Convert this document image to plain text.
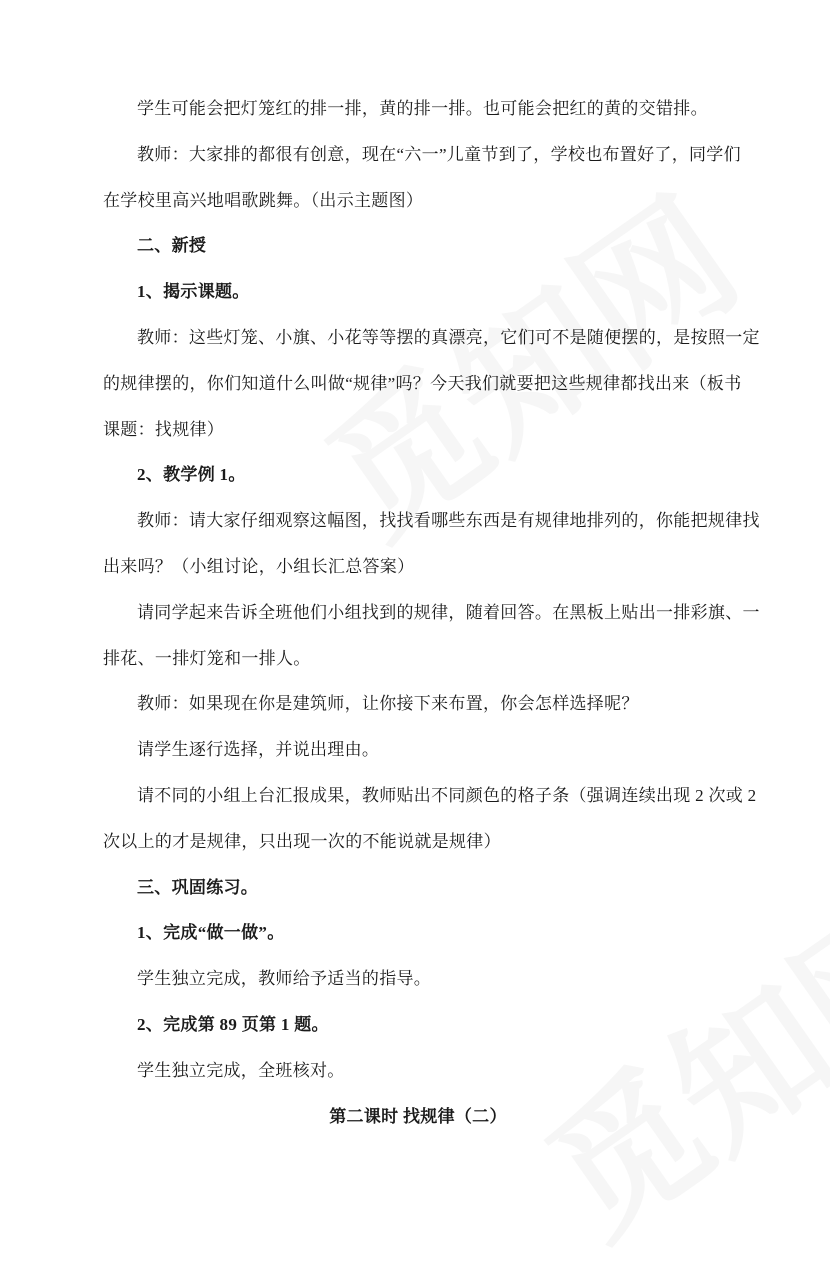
学生可能会把灯笼红的排一排，黄的排一排。也可能会把红的黄的交错排。
教师：大家排的都很有创意，现在“六一”儿童节到了，学校也布置好了，同学们
在学校里高兴地唱歌跳舞。（出示主题图）
二、新授
1、揭示课题。
教师：这些灯笼、小旗、小花等等摆的真漂亮，它们可不是随便摆的，是按照一定
的规律摆的，你们知道什么叫做“规律”吗？今天我们就要把这些规律都找出来（板书
课题：找规律）
2、教学例 1。
教师：请大家仔细观察这幅图，找找看哪些东西是有规律地排列的，你能把规律找
出来吗？（小组讨论，小组长汇总答案）
请同学起来告诉全班他们小组找到的规律，随着回答。在黑板上贴出一排彩旗、一
排花、一排灯笼和一排人。
教师：如果现在你是建筑师，让你接下来布置，你会怎样选择呢？
请学生逐行选择，并说出理由。
请不同的小组上台汇报成果，教师贴出不同颜色的格子条（强调连续出现 2 次或 2
次以上的才是规律，只出现一次的不能说就是规律）
三、巩固练习。
1、完成“做一做”。
学生独立完成，教师给予适当的指导。
2、完成第 89 页第 1 题。
学生独立完成，全班核对。
第二课时 找规律（二）
